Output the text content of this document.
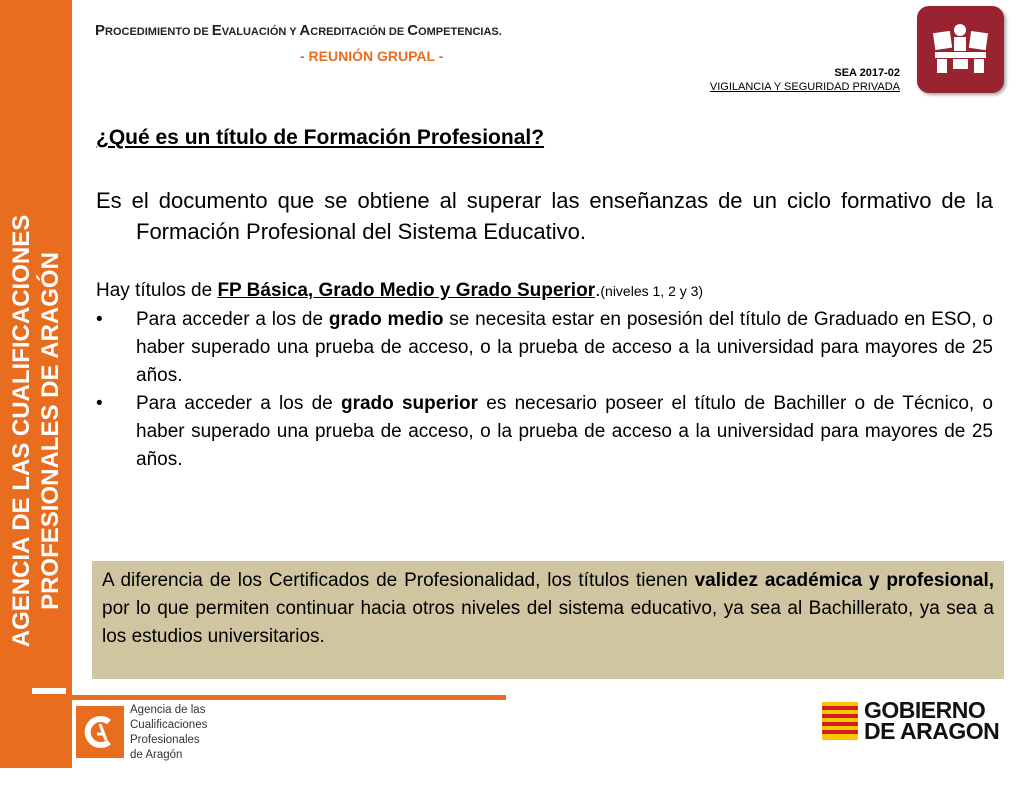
AGENCIA DE LAS CUALIFICACIONES PROFESIONALES DE ARAGÓN
PROCEDIMIENTO DE EVALUACIÓN Y ACREDITACIÓN DE COMPETENCIAS.
- REUNIÓN GRUPAL -
SEA 2017-02
VIGILANCIA Y SEGURIDAD PRIVADA
¿Qué es un título de Formación Profesional?
Es el documento que se obtiene al superar las enseñanzas de un ciclo formativo de la Formación Profesional del Sistema Educativo.
Hay títulos de FP Básica, Grado Medio y Grado Superior.(niveles 1, 2 y 3)
• Para acceder a los de grado medio se necesita estar en posesión del título de Graduado en ESO, o haber superado una prueba de acceso, o la prueba de acceso a la universidad para mayores de 25 años.
• Para acceder a los de grado superior es necesario poseer el título de Bachiller o de Técnico, o haber superado una prueba de acceso, o la prueba de acceso a la universidad para mayores de 25 años.
A diferencia de los Certificados de Profesionalidad, los títulos tienen validez académica y profesional, por lo que permiten continuar hacia otros niveles del sistema educativo, ya sea al Bachillerato, ya sea a los estudios universitarios.
Agencia de las
Cualificaciones
Profesionales
de Aragón
GOBIERNO
DE ARAGON
